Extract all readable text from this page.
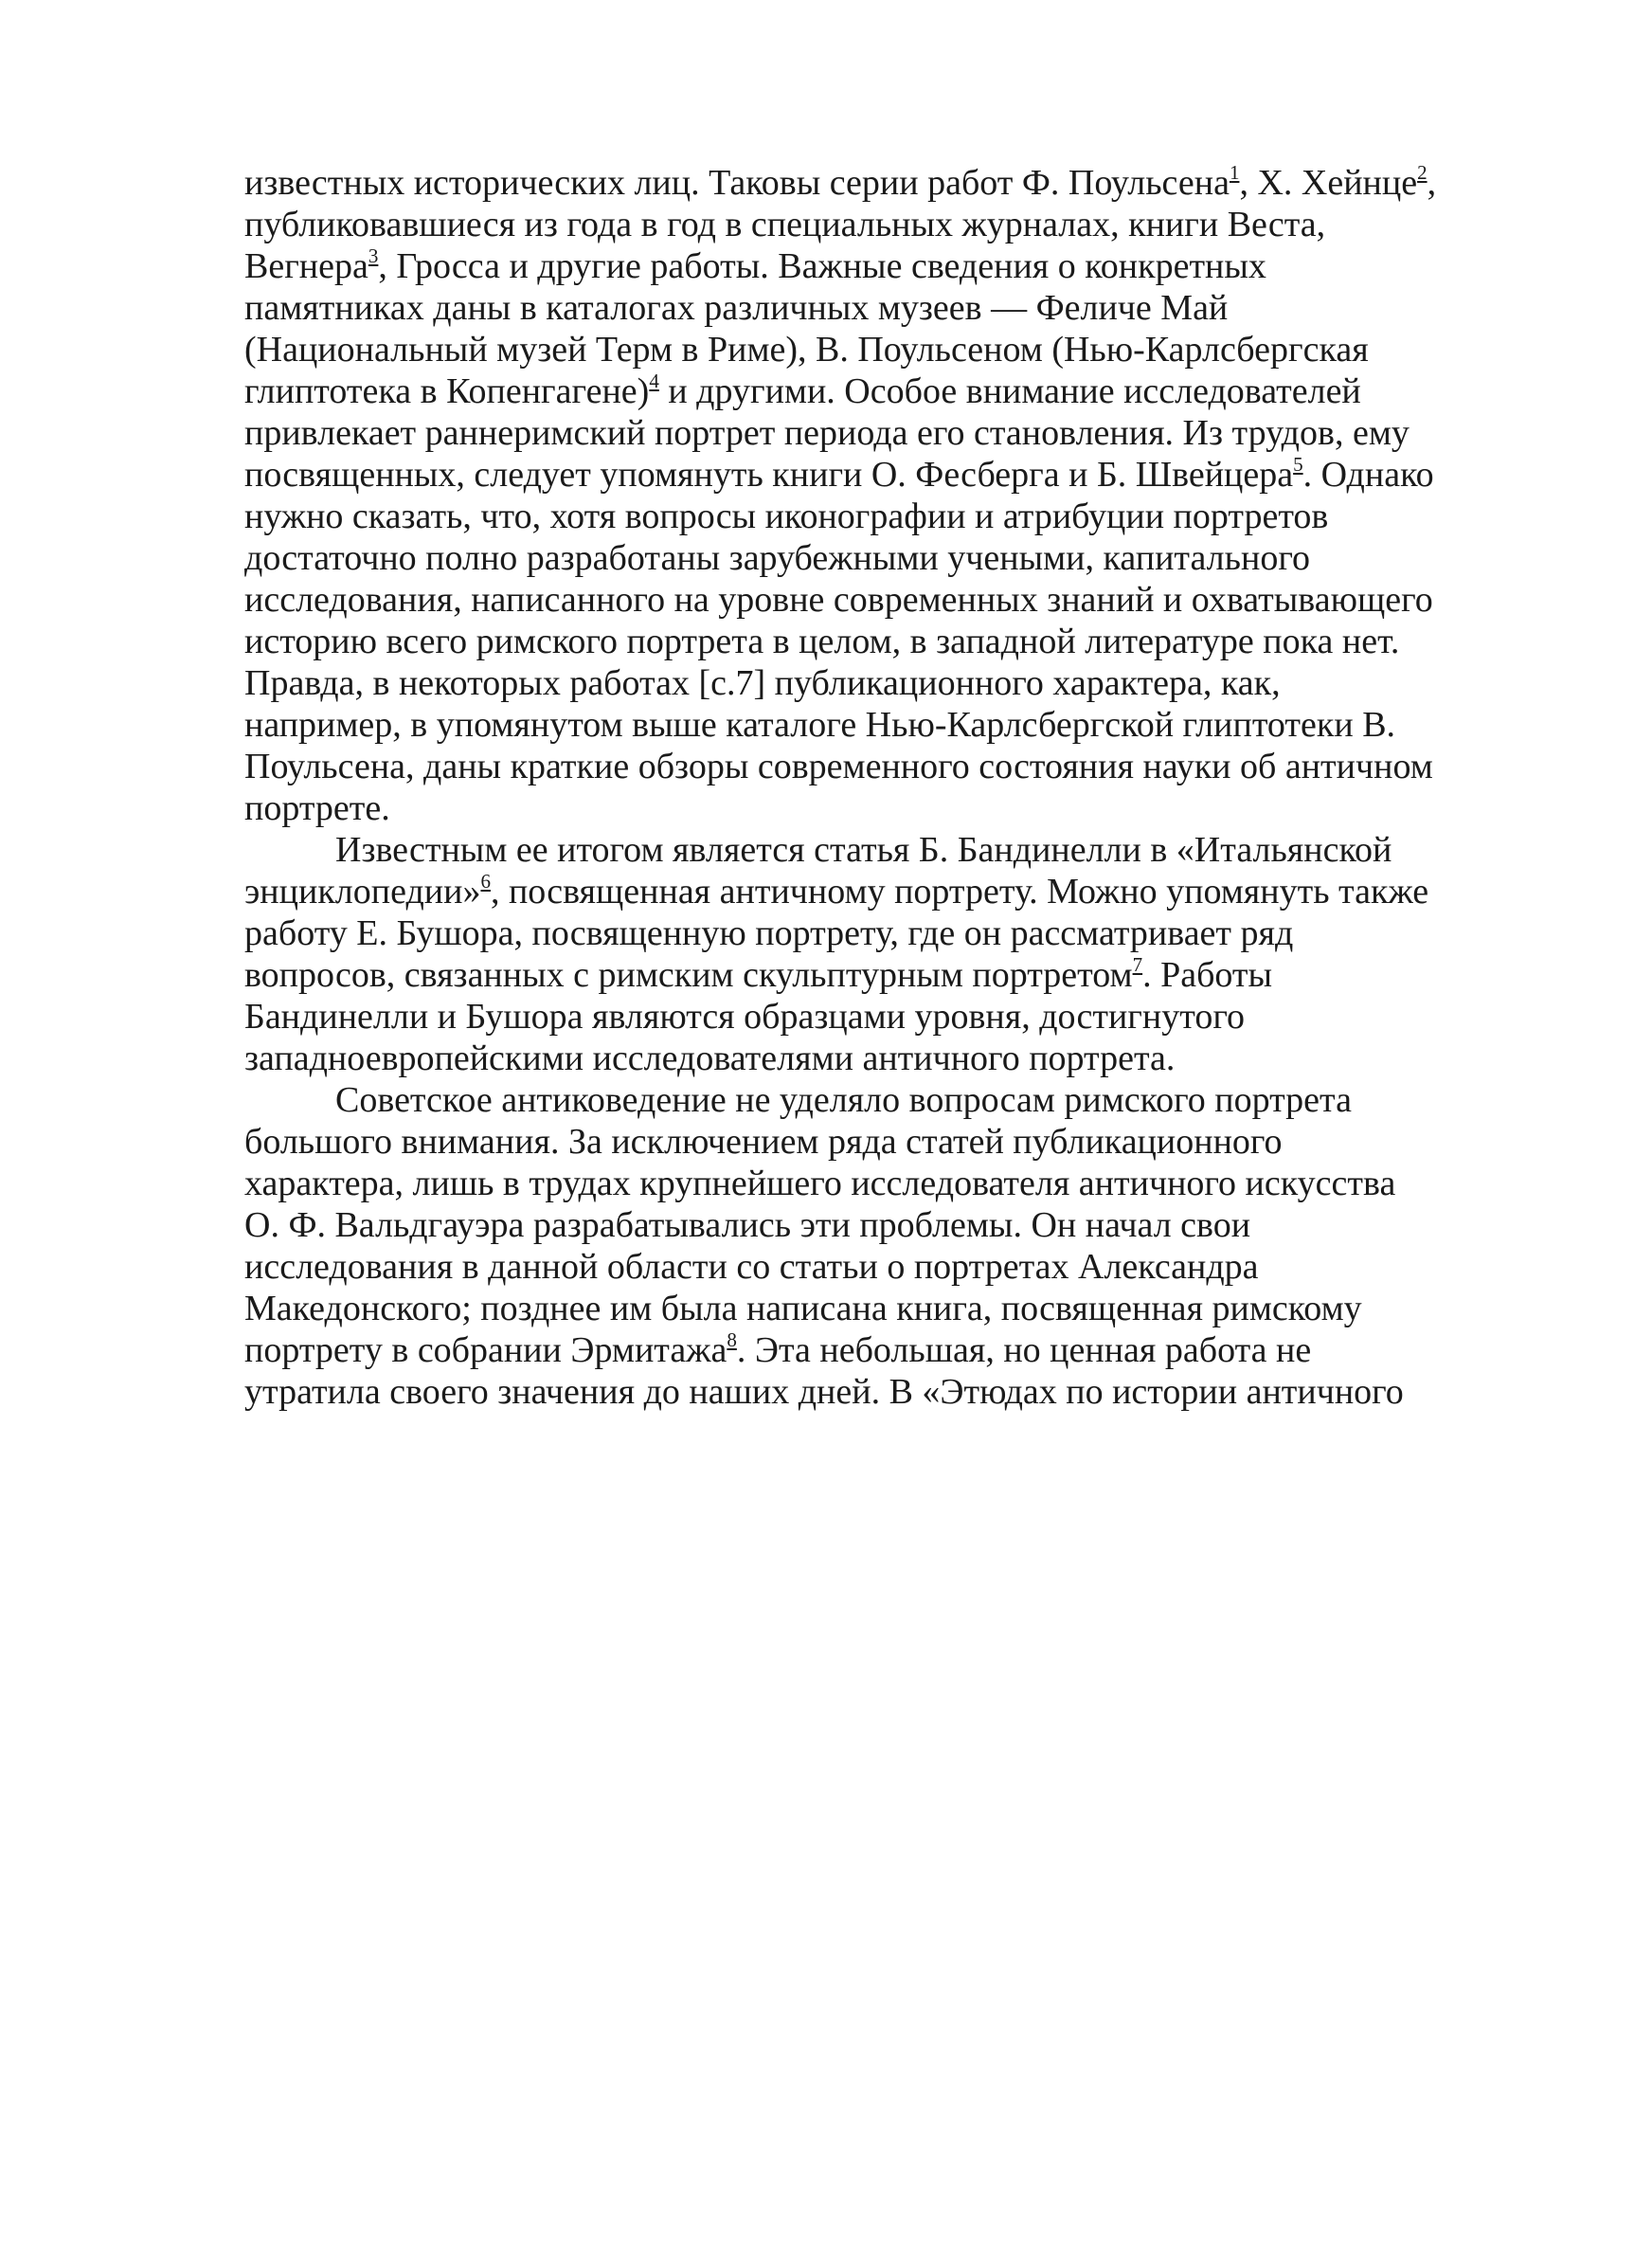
известных исторических лиц. Таковы серии работ Ф. Поульсена$^1$, Х. Хейнце$^2$,
публиковавшиеся из года в год в специальных журналах, книги Веста,
Вегнера$^3$, Гросса и другие работы. Важные сведения о конкретных
памятниках даны в каталогах различных музеев — Феличе Май
(Национальный музей Терм в Риме), В. Поульсеном (Нью-Карлсбергская
глиптотека в Копенгагене)$^4$ и другими. Особое внимание исследователей
привлекает раннеримский портрет периода его становления. Из трудов, ему
посвященных, следует упомянуть книги О. Фесберга и Б. Швейцера$^5$. Однако
нужно сказать, что, хотя вопросы иконографии и атрибуции портретов
достаточно полно разработаны зарубежными учеными, капитального
исследования, написанного на уровне современных знаний и охватывающего
историю всего римского портрета в целом, в западной литературе пока нет.
Правда, в некоторых работах [c.7] публикационного характера, как,
например, в упомянутом выше каталоге Нью-Карлсбергской глиптотеки В.
Поульсена, даны краткие обзоры современного состояния науки об античном
портрете.
Известным ее итогом является статья Б. Бандинелли в «Итальянской
энциклопедии»$^6$, посвященная античному портрету. Можно упомянуть также
работу Е. Бушора, посвященную портрету, где он рассматривает ряд
вопросов, связанных с римским скульптурным портретом$^7$. Работы
Бандинелли и Бушора являются образцами уровня, достигнутого
западноевропейскими исследователями античного портрета.
Советское антиковедение не уделяло вопросам римского портрета
большого внимания. За исключением ряда статей публикационного
характера, лишь в трудах крупнейшего исследователя античного искусства
О. Ф. Вальдгауэра разрабатывались эти проблемы. Он начал свои
исследования в данной области со статьи о портретах Александра
Македонского; позднее им была написана книга, посвященная римскому
портрету в собрании Эрмитажа$^8$. Эта небольшая, но ценная работа не
утратила своего значения до наших дней. В «Этюдах по истории античного
